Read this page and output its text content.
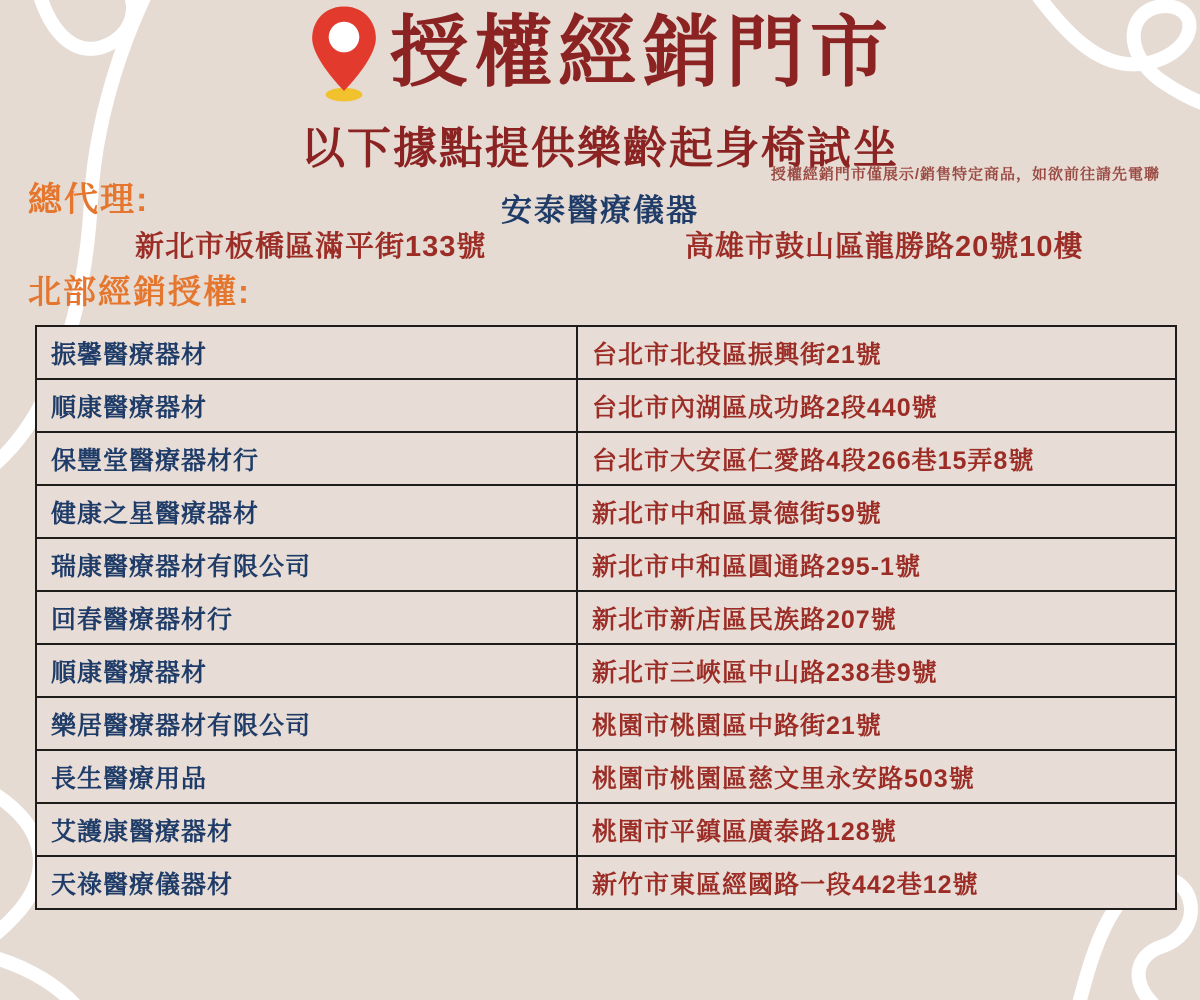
授權經銷門市
以下據點提供樂齡起身椅試坐
授權經銷門市僅展示/銷售特定商品，如欲前往請先電聯
總代理:	安泰醫療儀器
新北市板橋區滿平街133號	高雄市鼓山區龍勝路20號10樓
北部經銷授權:
振馨醫療器材	台北市北投區振興街21號
順康醫療器材	台北市內湖區成功路2段440號
保豐堂醫療器材行	台北市大安區仁愛路4段266巷15弄8號
健康之星醫療器材	新北市中和區景德街59號
瑞康醫療器材有限公司	新北市中和區圓通路295-1號
回春醫療器材行	新北市新店區民族路207號
順康醫療器材	新北市三峽區中山路238巷9號
樂居醫療器材有限公司	桃園市桃園區中路街21號
長生醫療用品	桃園市桃園區慈文里永安路503號
艾護康醫療器材	桃園市平鎮區廣泰路128號
天祿醫療儀器材	新竹市東區經國路一段442巷12號
